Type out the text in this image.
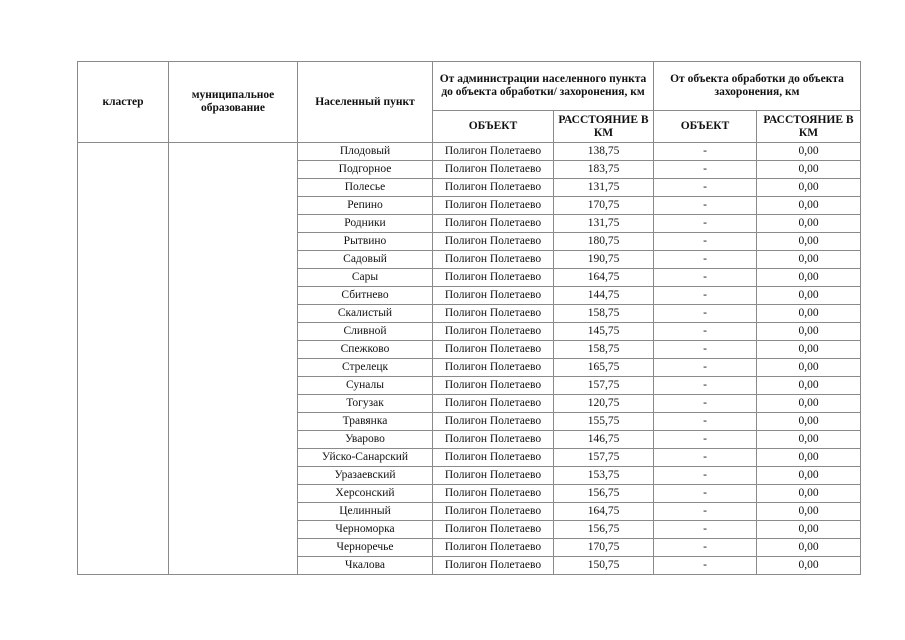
кластер	муниципальное образование	Населенный пункт	От администрации населенного пункта до объекта обработки/ захоронения, км		От объекта обработки до объекта захоронения, км	
			ОБЪЕКТ	РАССТОЯНИЕ В КМ	ОБЪЕКТ	РАССТОЯНИЕ В КМ
		Плодовый	Полигон Полетаево	138,75	-	0,00
		Подгорное	Полигон Полетаево	183,75	-	0,00
		Полесье	Полигон Полетаево	131,75	-	0,00
		Репино	Полигон Полетаево	170,75	-	0,00
		Родники	Полигон Полетаево	131,75	-	0,00
		Рытвино	Полигон Полетаево	180,75	-	0,00
		Садовый	Полигон Полетаево	190,75	-	0,00
		Сары	Полигон Полетаево	164,75	-	0,00
		Сбитнево	Полигон Полетаево	144,75	-	0,00
		Скалистый	Полигон Полетаево	158,75	-	0,00
		Сливной	Полигон Полетаево	145,75	-	0,00
		Спежково	Полигон Полетаево	158,75	-	0,00
		Стрелецк	Полигон Полетаево	165,75	-	0,00
		Суналы	Полигон Полетаево	157,75	-	0,00
		Тогузак	Полигон Полетаево	120,75	-	0,00
		Травянка	Полигон Полетаево	155,75	-	0,00
		Уварово	Полигон Полетаево	146,75	-	0,00
		Уйско-Санарский	Полигон Полетаево	157,75	-	0,00
		Уразаевский	Полигон Полетаево	153,75	-	0,00
		Херсонский	Полигон Полетаево	156,75	-	0,00
		Целинный	Полигон Полетаево	164,75	-	0,00
		Черноморка	Полигон Полетаево	156,75	-	0,00
		Черноречье	Полигон Полетаево	170,75	-	0,00
		Чкалова	Полигон Полетаево	150,75	-	0,00
